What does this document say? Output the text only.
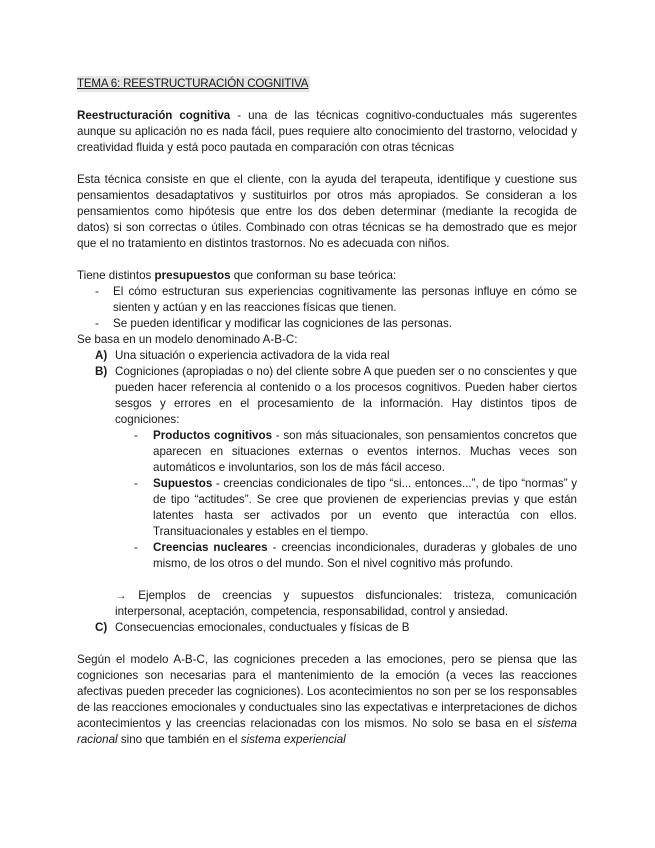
TEMA 6: REESTRUCTURACIÓN COGNITIVA

Reestructuración cognitiva - una de las técnicas cognitivo-conductuales más sugerentes aunque su aplicación no es nada fácil, pues requiere alto conocimiento del trastorno, velocidad y creatividad fluida y está poco pautada en comparación con otras técnicas

Esta técnica consiste en que el cliente, con la ayuda del terapeuta, identifique y cuestione sus pensamientos desadaptativos y sustituirlos por otros más apropiados. Se consideran a los pensamientos como hipótesis que entre los dos deben determinar (mediante la recogida de datos) si son correctas o útiles. Combinado con otras técnicas se ha demostrado que es mejor que el no tratamiento en distintos trastornos. No es adecuada con niños.

Tiene distintos presupuestos que conforman su base teórica:
- El cómo estructuran sus experiencias cognitivamente las personas influye en cómo se sienten y actúan y en las reacciones físicas que tienen.
- Se pueden identificar y modificar las cogniciones de las personas.
Se basa en un modelo denominado A-B-C:
A) Una situación o experiencia activadora de la vida real
B) Cogniciones (apropiadas o no) del cliente sobre A que pueden ser o no conscientes y que pueden hacer referencia al contenido o a los procesos cognitivos. Pueden haber ciertos sesgos y errores en el procesamiento de la información. Hay distintos tipos de cogniciones:
- Productos cognitivos - son más situacionales, son pensamientos concretos que aparecen en situaciones externas o eventos internos. Muchas veces son automáticos e involuntarios, son los de más fácil acceso.
- Supuestos - creencias condicionales de tipo “si... entonces...”, de tipo “normas” y de tipo “actitudes”. Se cree que provienen de experiencias previas y que están latentes hasta ser activados por un evento que interactúa con ellos. Transituacionales y estables en el tiempo.
- Creencias nucleares - creencias incondicionales, duraderas y globales de uno mismo, de los otros o del mundo. Son el nivel cognitivo más profundo.
→ Ejemplos de creencias y supuestos disfuncionales: tristeza, comunicación interpersonal, aceptación, competencia, responsabilidad, control y ansiedad.
C) Consecuencias emocionales, conductuales y físicas de B

Según el modelo A-B-C, las cogniciones preceden a las emociones, pero se piensa que las cogniciones son necesarias para el mantenimiento de la emoción (a veces las reacciones afectivas pueden preceder las cogniciones). Los acontecimientos no son per se los responsables de las reacciones emocionales y conductuales sino las expectativas e interpretaciones de dichos acontecimientos y las creencias relacionadas con los mismos. No solo se basa en el sistema racional sino que también en el sistema experiencial
